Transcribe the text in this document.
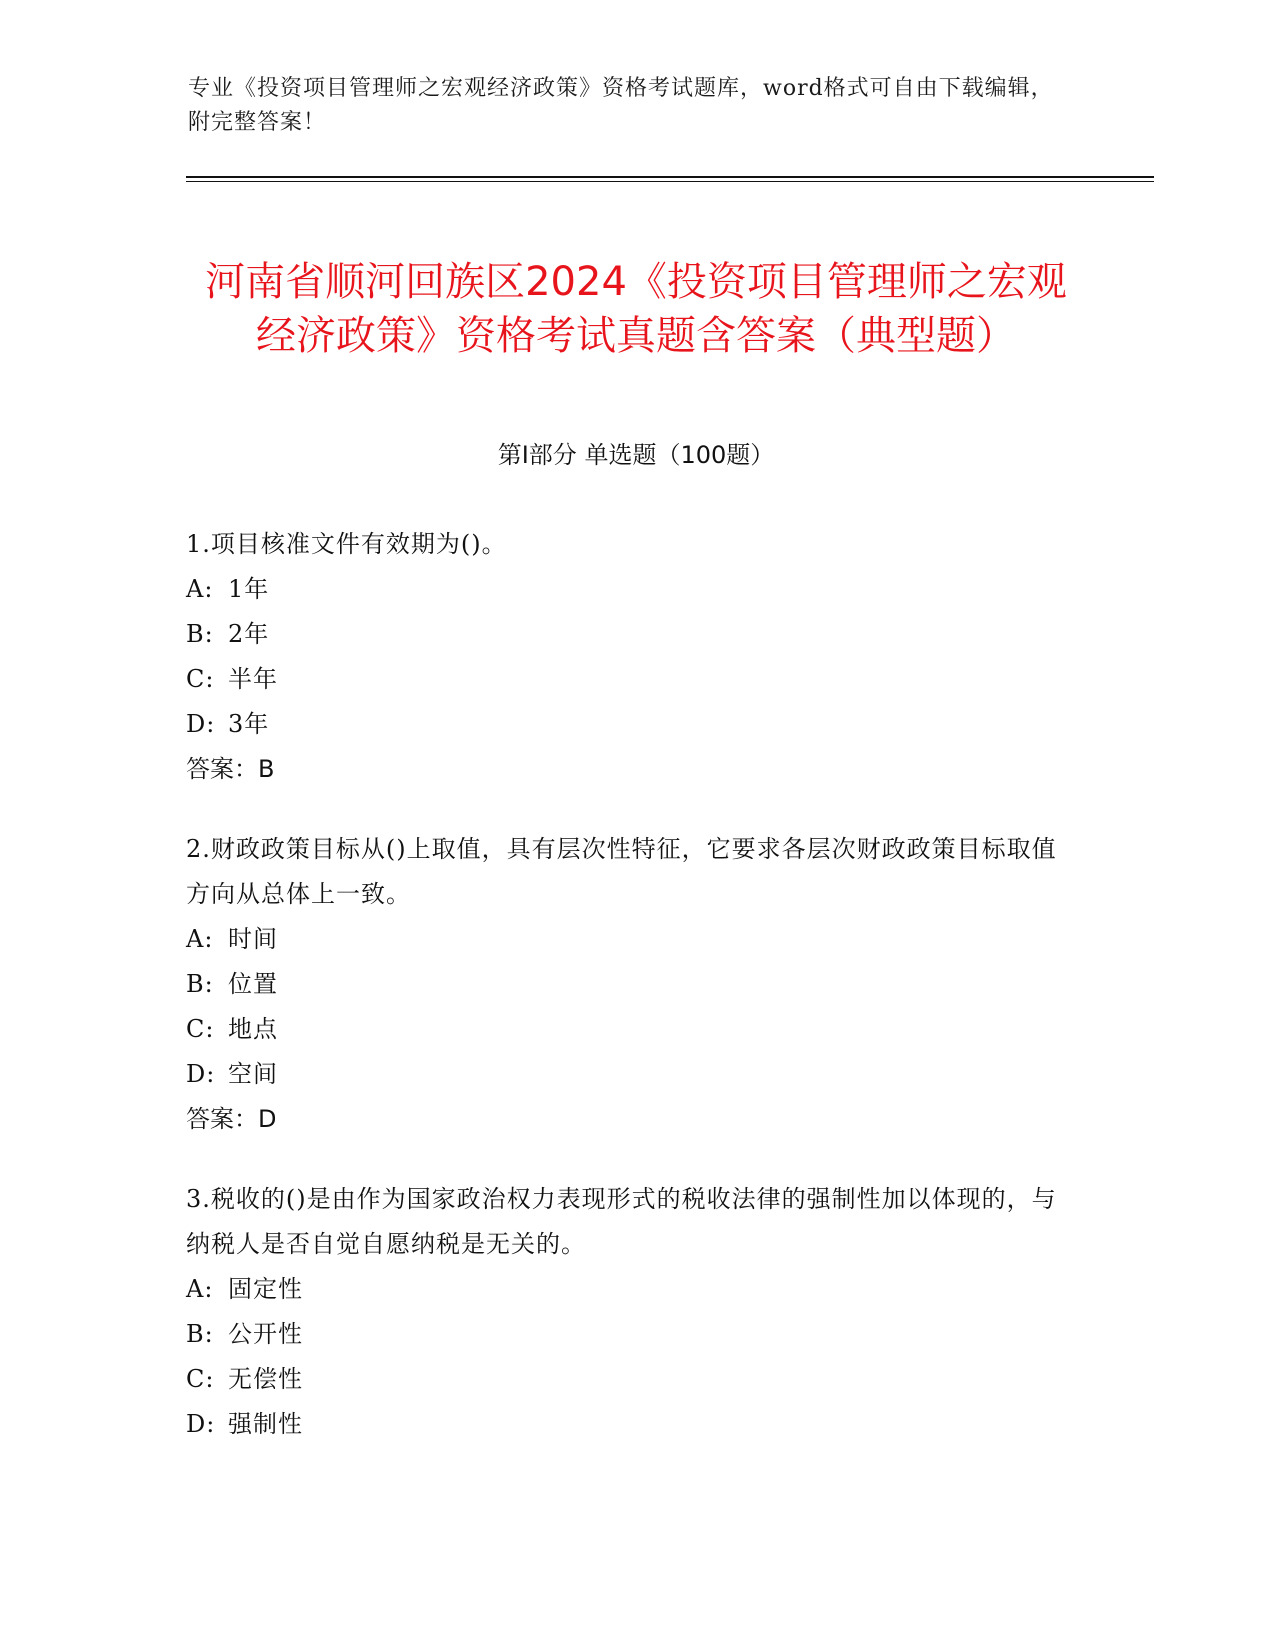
专业《投资项目管理师之宏观经济政策》资格考试题库，word格式可自由下载编辑，附完整答案！
河南省顺河回族区2024《投资项目管理师之宏观经济政策》资格考试真题含答案（典型题）
第I部分 单选题（100题）

1.项目核准文件有效期为()。

A: 1年

B: 2年

C: 半年

D: 3年

答案：B

2.财政政策目标从()上取值，具有层次性特征，它要求各层次财政政策目标取值方向从总体上一致。

A: 时间

B: 位置

C: 地点

D: 空间

答案：D

3.税收的()是由作为国家政治权力表现形式的税收法律的强制性加以体现的，与纳税人是否自觉自愿纳税是无关的。

A: 固定性

B: 公开性

C: 无偿性

D: 强制性
